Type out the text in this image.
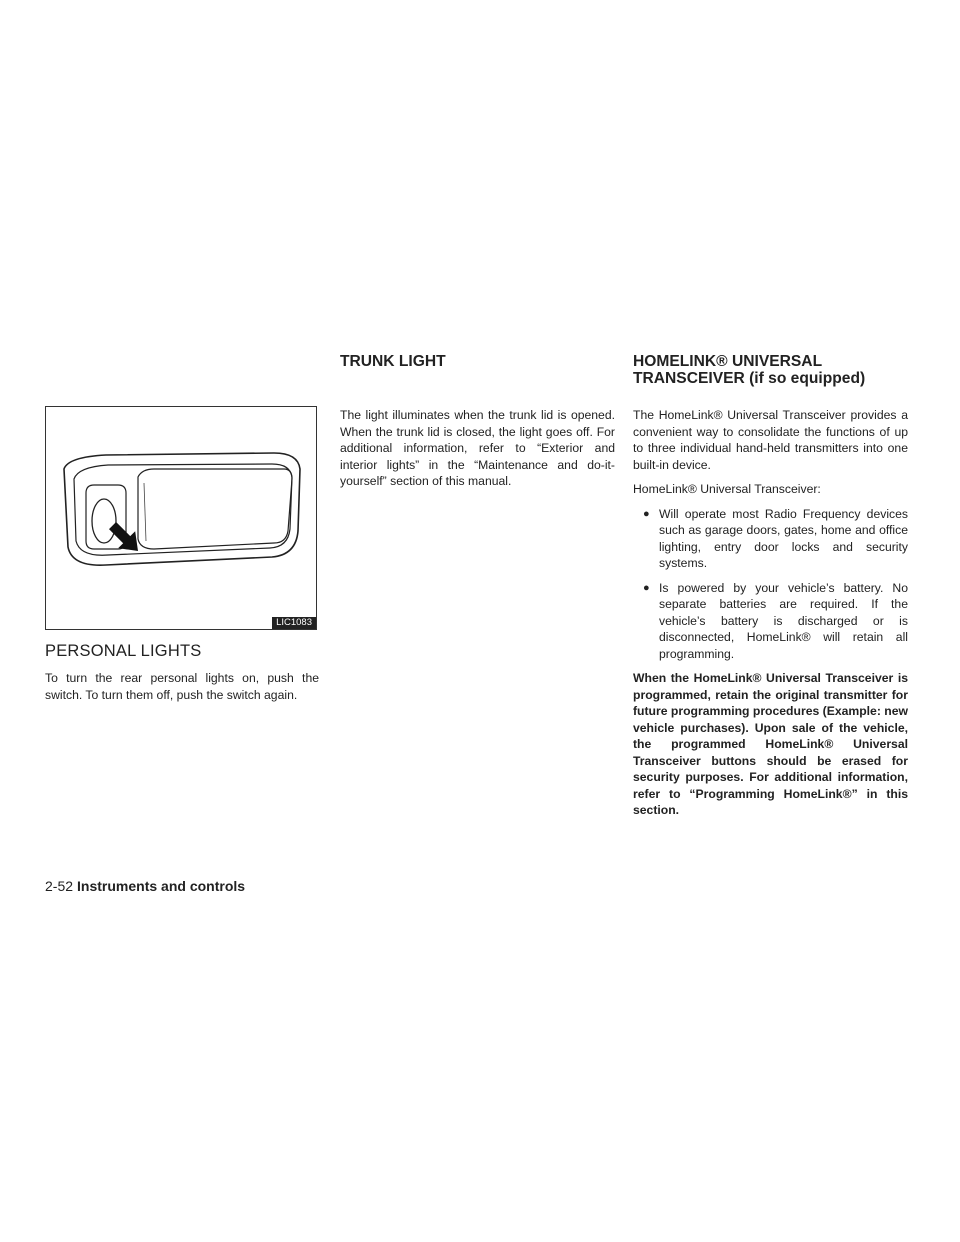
LIC1083
PERSONAL LIGHTS

To turn the rear personal lights on, push the switch. To turn them off, push the switch again.

TRUNK LIGHT

The light illuminates when the trunk lid is opened. When the trunk lid is closed, the light goes off. For additional information, refer to “Exterior and interior lights” in the “Maintenance and do-it-yourself” section of this manual.

HOMELINK® UNIVERSAL
TRANSCEIVER (if so equipped)

The HomeLink® Universal Transceiver provides a convenient way to consolidate the functions of up to three individual hand-held transmitters into one built-in device.

HomeLink® Universal Transceiver:

● Will operate most Radio Frequency devices such as garage doors, gates, home and office lighting, entry door locks and security systems.
● Is powered by your vehicle’s battery. No separate batteries are required. If the vehicle’s battery is discharged or is disconnected, HomeLink® will retain all programming.

When the HomeLink® Universal Transceiver is programmed, retain the original transmitter for future programming procedures (Example: new vehicle purchases). Upon sale of the vehicle, the programmed HomeLink® Universal Transceiver buttons should be erased for security purposes. For additional information, refer to “Programming HomeLink®” in this section.

2-52 Instruments and controls
